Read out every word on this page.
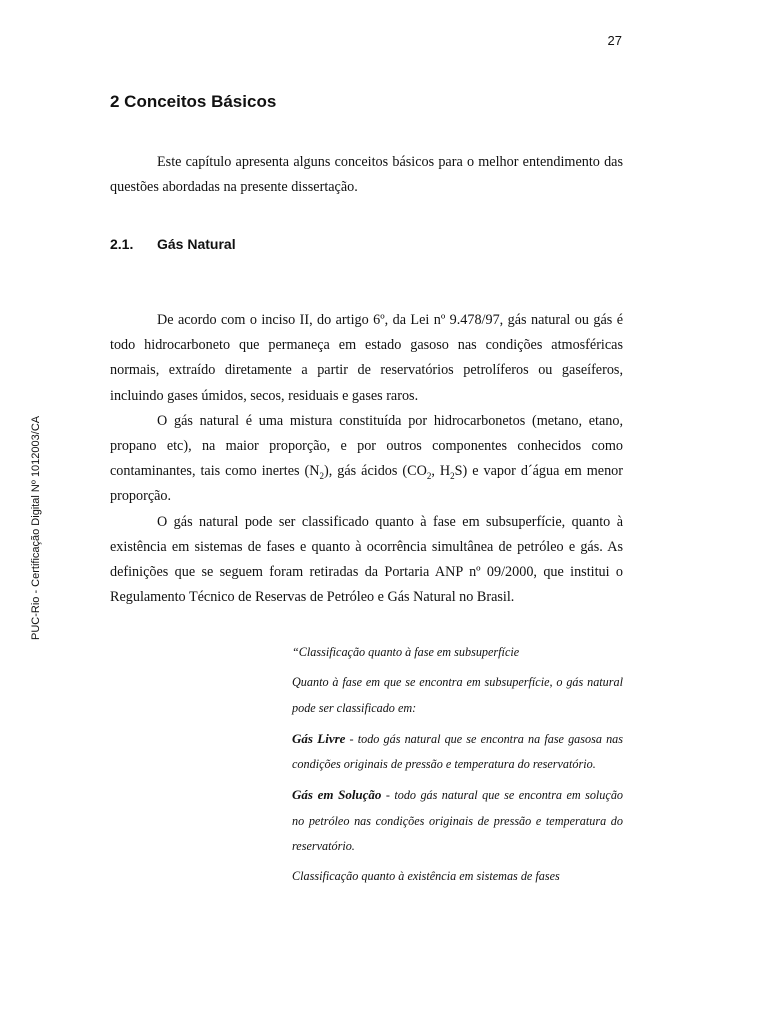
27
PUC-Rio - Certificação Digital Nº 1012003/CA
2 Conceitos Básicos

Este capítulo apresenta alguns conceitos básicos para o melhor entendimento das questões abordadas na presente dissertação.

2.1. Gás Natural

De acordo com o inciso II, do artigo 6º, da Lei nº 9.478/97, gás natural ou gás é todo hidrocarboneto que permaneça em estado gasoso nas condições atmosféricas normais, extraído diretamente a partir de reservatórios petrolíferos ou gaseíferos, incluindo gases úmidos, secos, residuais e gases raros.

O gás natural é uma mistura constituída por hidrocarbonetos (metano, etano, propano etc), na maior proporção, e por outros componentes conhecidos como contaminantes, tais como inertes $(N_2)$, gás ácidos ($CO_2$, $H_2S$) e vapor d´água em menor proporção.

O gás natural pode ser classificado quanto à fase em subsuperfície, quanto à existência em sistemas de fases e quanto à ocorrência simultânea de petróleo e gás. As definições que se seguem foram retiradas da Portaria ANP nº 09/2000, que institui o Regulamento Técnico de Reservas de Petróleo e Gás Natural no Brasil.

“Classificação quanto à fase em subsuperfície

Quanto à fase em que se encontra em subsuperfície, o gás natural pode ser classificado em:

Gás Livre - todo gás natural que se encontra na fase gasosa nas condições originais de pressão e temperatura do reservatório.

Gás em Solução - todo gás natural que se encontra em solução no petróleo nas condições originais de pressão e temperatura do reservatório.

Classificação quanto à existência em sistemas de fases
